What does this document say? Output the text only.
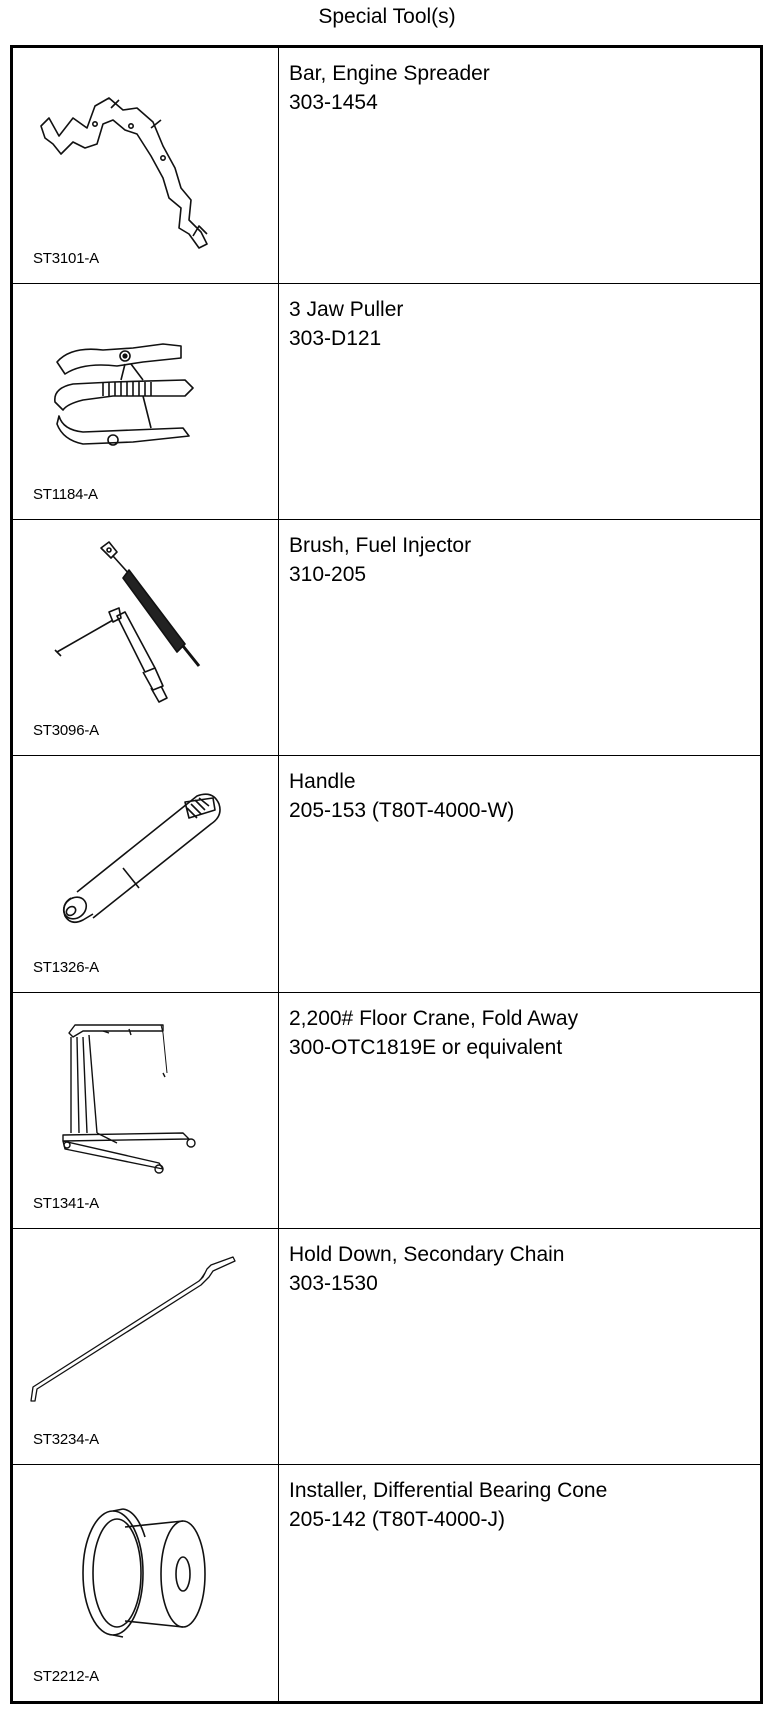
Special Tool(s)
ST3101-A
Bar, Engine Spreader
303-1454
ST1184-A
3 Jaw Puller
303-D121
ST3096-A
Brush, Fuel Injector
310-205
ST1326-A
Handle
205-153 (T80T-4000-W)
ST1341-A
2,200# Floor Crane, Fold Away
300-OTC1819E or equivalent
ST3234-A
Hold Down, Secondary Chain
303-1530
ST2212-A
Installer, Differential Bearing Cone
205-142 (T80T-4000-J)
